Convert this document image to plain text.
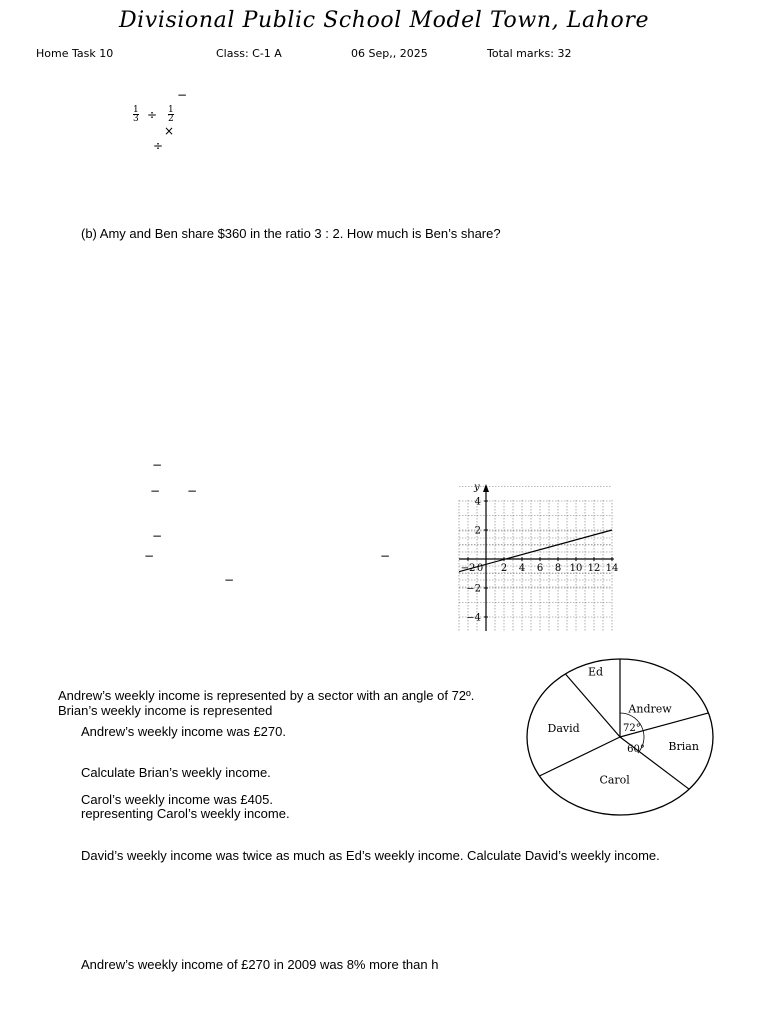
Divisional Public School Model Town, Lahore
Home Task 10	Class: C-1 A	06 Sep,, 2025	Total marks: 32
$\frac{1}{3} \div \frac{1}{2}$
−
×
÷
(b) Amy and Ben share $360 in the ratio 3 : 2. How much is Ben’s share?
−
− −
−
−	−
−
y
−2 0 2 4 6 8 10 12 14
4
2
−2
−4
Andrew
Brian
Carol
David
Ed
72°
60°
Andrew’s weekly income is represented by a sector with an angle of 72º.
Brian’s weekly income is represented
Andrew’s weekly income was £270.
Calculate Brian’s weekly income.
Carol’s weekly income was £405.
representing Carol’s weekly income.
David’s weekly income was twice as much as Ed’s weekly income. Calculate David’s weekly income.
Andrew’s weekly income of £270 in 2009 was 8% more than h
